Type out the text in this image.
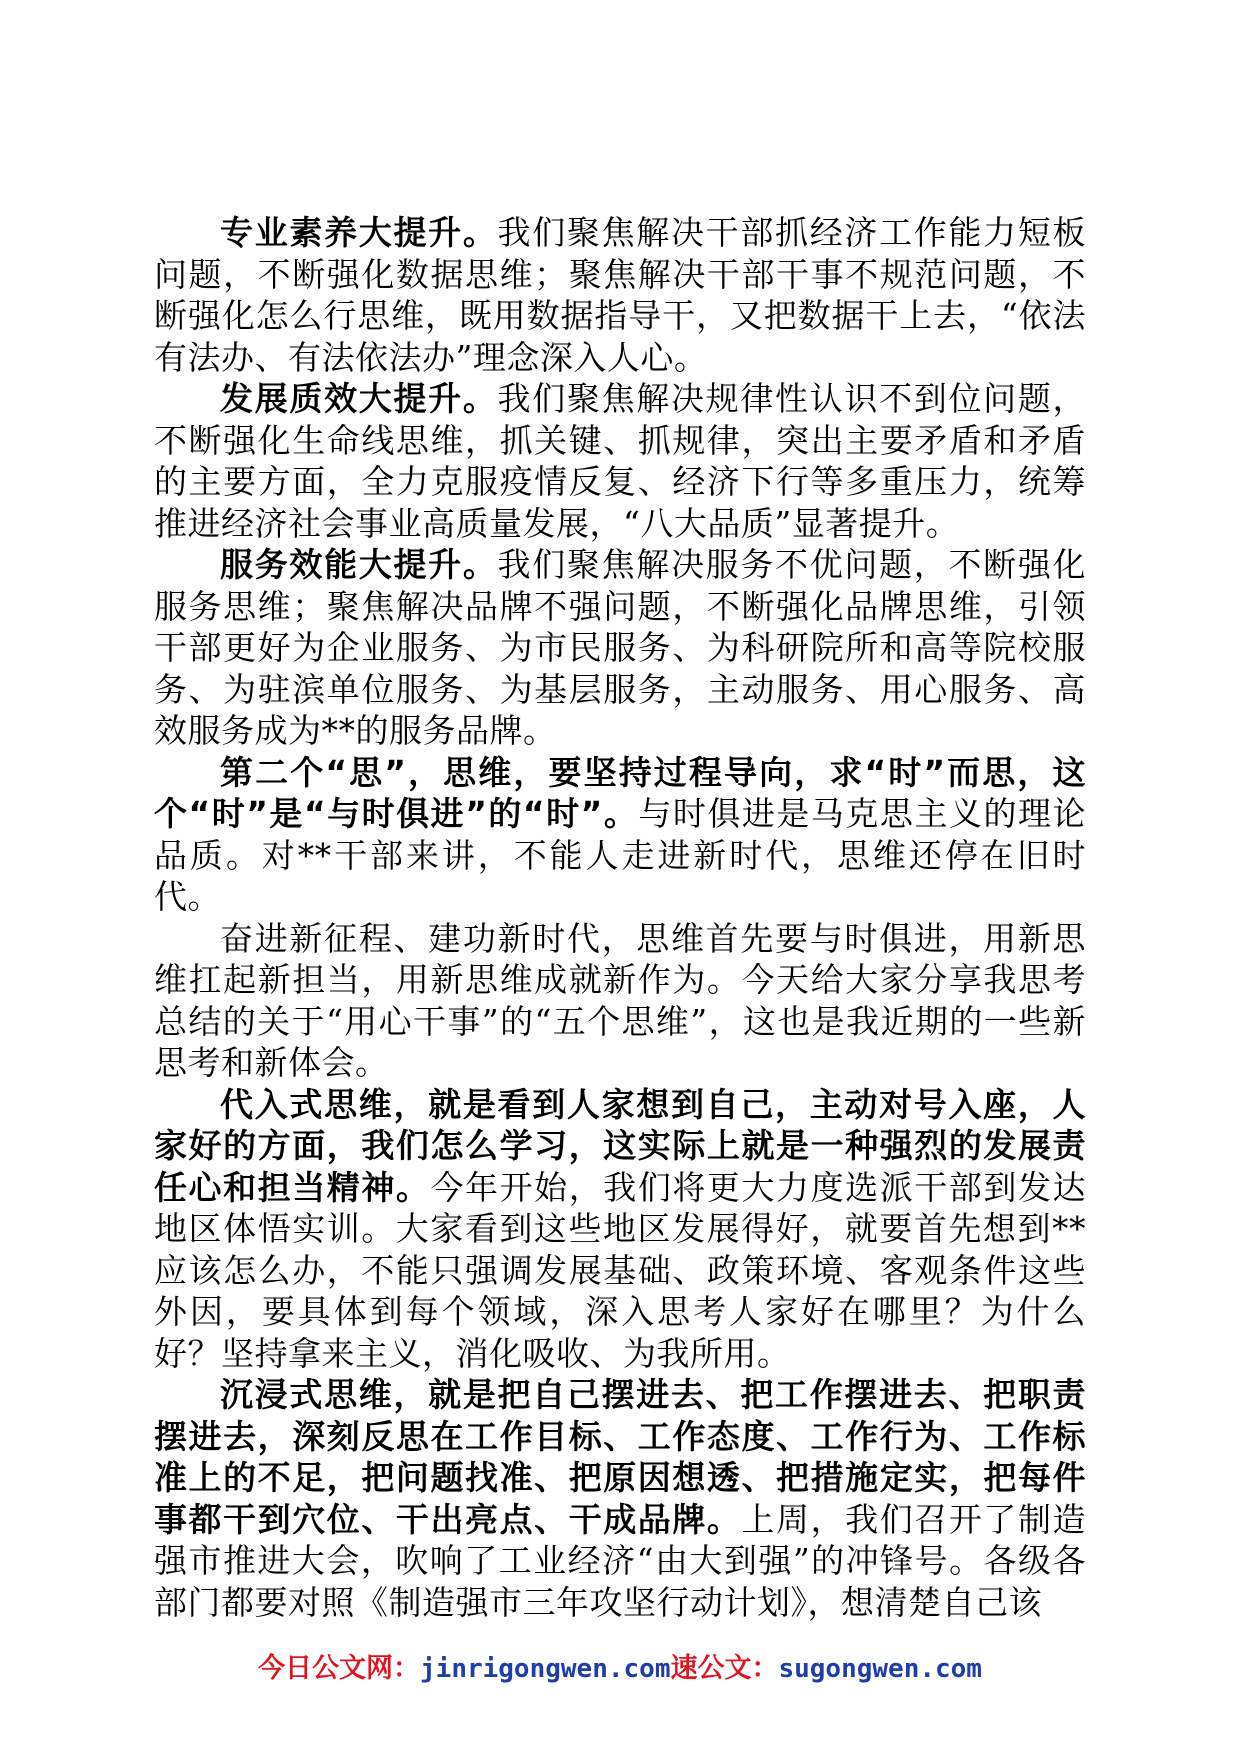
专业素养大提升。我们聚焦解决干部抓经济工作能力短板问题，不断强化数据思维；聚焦解决干部干事不规范问题，不断强化怎么行思维，既用数据指导干，又把数据干上去，“依法有法办、有法依法办”理念深入人心。

发展质效大提升。我们聚焦解决规律性认识不到位问题，不断强化生命线思维，抓关键、抓规律，突出主要矛盾和矛盾的主要方面，全力克服疫情反复、经济下行等多重压力，统筹推进经济社会事业高质量发展，“八大品质”显著提升。

服务效能大提升。我们聚焦解决服务不优问题，不断强化服务思维；聚焦解决品牌不强问题，不断强化品牌思维，引领干部更好为企业服务、为市民服务、为科研院所和高等院校服务、为驻滨单位服务、为基层服务，主动服务、用心服务、高效服务成为**的服务品牌。

第二个“思”，思维，要坚持过程导向，求“时”而思，这个“时”是“与时俱进”的“时”。与时俱进是马克思主义的理论品质。对**干部来讲，不能人走进新时代，思维还停在旧时代。

奋进新征程、建功新时代，思维首先要与时俱进，用新思维扛起新担当，用新思维成就新作为。今天给大家分享我思考总结的关于“用心干事”的“五个思维”，这也是我近期的一些新思考和新体会。

代入式思维，就是看到人家想到自己，主动对号入座，人家好的方面，我们怎么学习，这实际上就是一种强烈的发展责任心和担当精神。今年开始，我们将更大力度选派干部到发达地区体悟实训。大家看到这些地区发展得好，就要首先想到**应该怎么办，不能只强调发展基础、政策环境、客观条件这些外因，要具体到每个领域，深入思考人家好在哪里？为什么好？坚持拿来主义，消化吸收、为我所用。

沉浸式思维，就是把自己摆进去、把工作摆进去、把职责摆进去，深刻反思在工作目标、工作态度、工作行为、工作标准上的不足，把问题找准、把原因想透、把措施定实，把每件事都干到穴位、干出亮点、干成品牌。上周，我们召开了制造强市推进大会，吹响了工业经济“由大到强”的冲锋号。各级各部门都要对照《制造强市三年攻坚行动计划》，想清楚自己该

今日公文网：jinrigongwen.com速公文：sugongwen.com
